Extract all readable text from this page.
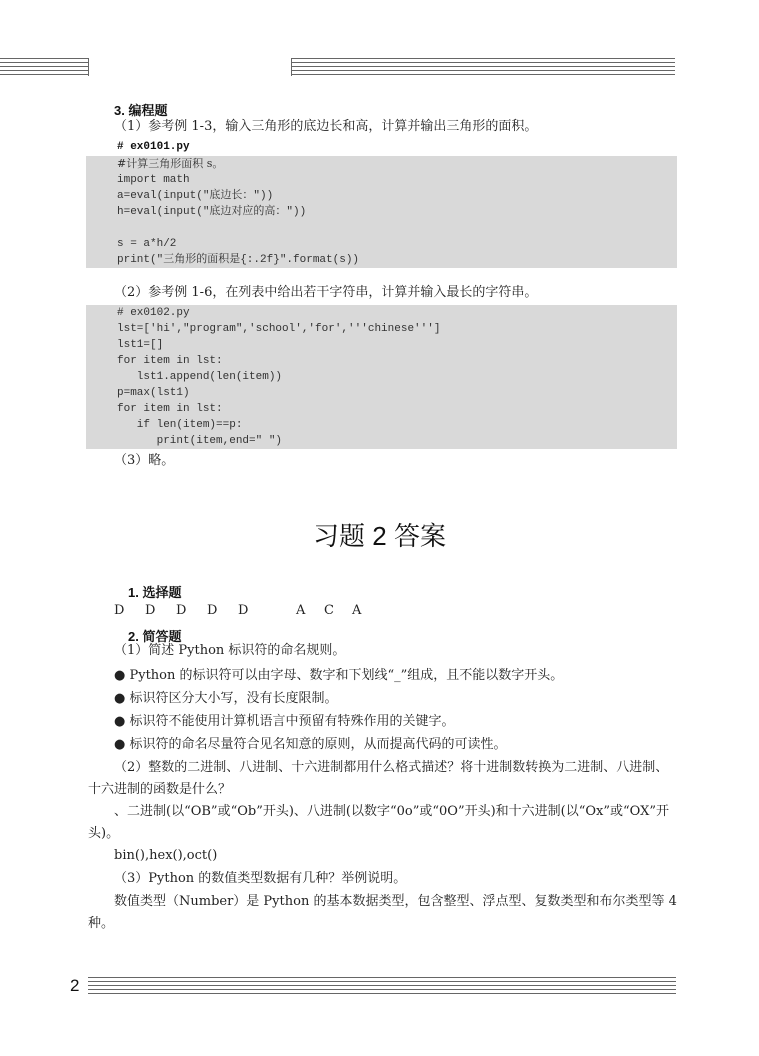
3. 编程题
（1）参考例 1-3，输入三角形的底边长和高，计算并输出三角形的面积。
# ex0101.py
#计算三角形面积 s。
import math
a=eval(input("底边长："))
h=eval(input("底边对应的高："))
s = a*h/2
print("三角形的面积是{:.2f}".format(s))
（2）参考例 1-6，在列表中给出若干字符串，计算并输入最长的字符串。
# ex0102.py
lst=['hi',"program",'school','for','''chinese''']
lst1=[]
for item in lst:
lst1.append(len(item))
p=max(lst1)
for item in lst:
if len(item)==p:
print(item,end=" ")
（3）略。
习题 2 答案
1. 选择题
D D D D D	A C A
2. 简答题
（1）简述 Python 标识符的命名规则。
● Python 的标识符可以由字母、数字和下划线“_”组成，且不能以数字开头。
● 标识符区分大小写，没有长度限制。
● 标识符不能使用计算机语言中预留有特殊作用的关键字。
● 标识符的命名尽量符合见名知意的原则，从而提高代码的可读性。
（2）整数的二进制、八进制、十六进制都用什么格式描述？将十进制数转换为二进制、八进制、十六进制的函数是什么？
、二进制(以“OB”或“Ob”开头)、八进制(以数字“0o”或“0O”开头)和十六进制(以“Ox”或“OX”开头)。
bin(),hex(),oct()
（3）Python 的数值类型数据有几种？举例说明。
数值类型（Number）是 Python 的基本数据类型，包含整型、浮点型、复数类型和布尔类型等 4 种。
2
